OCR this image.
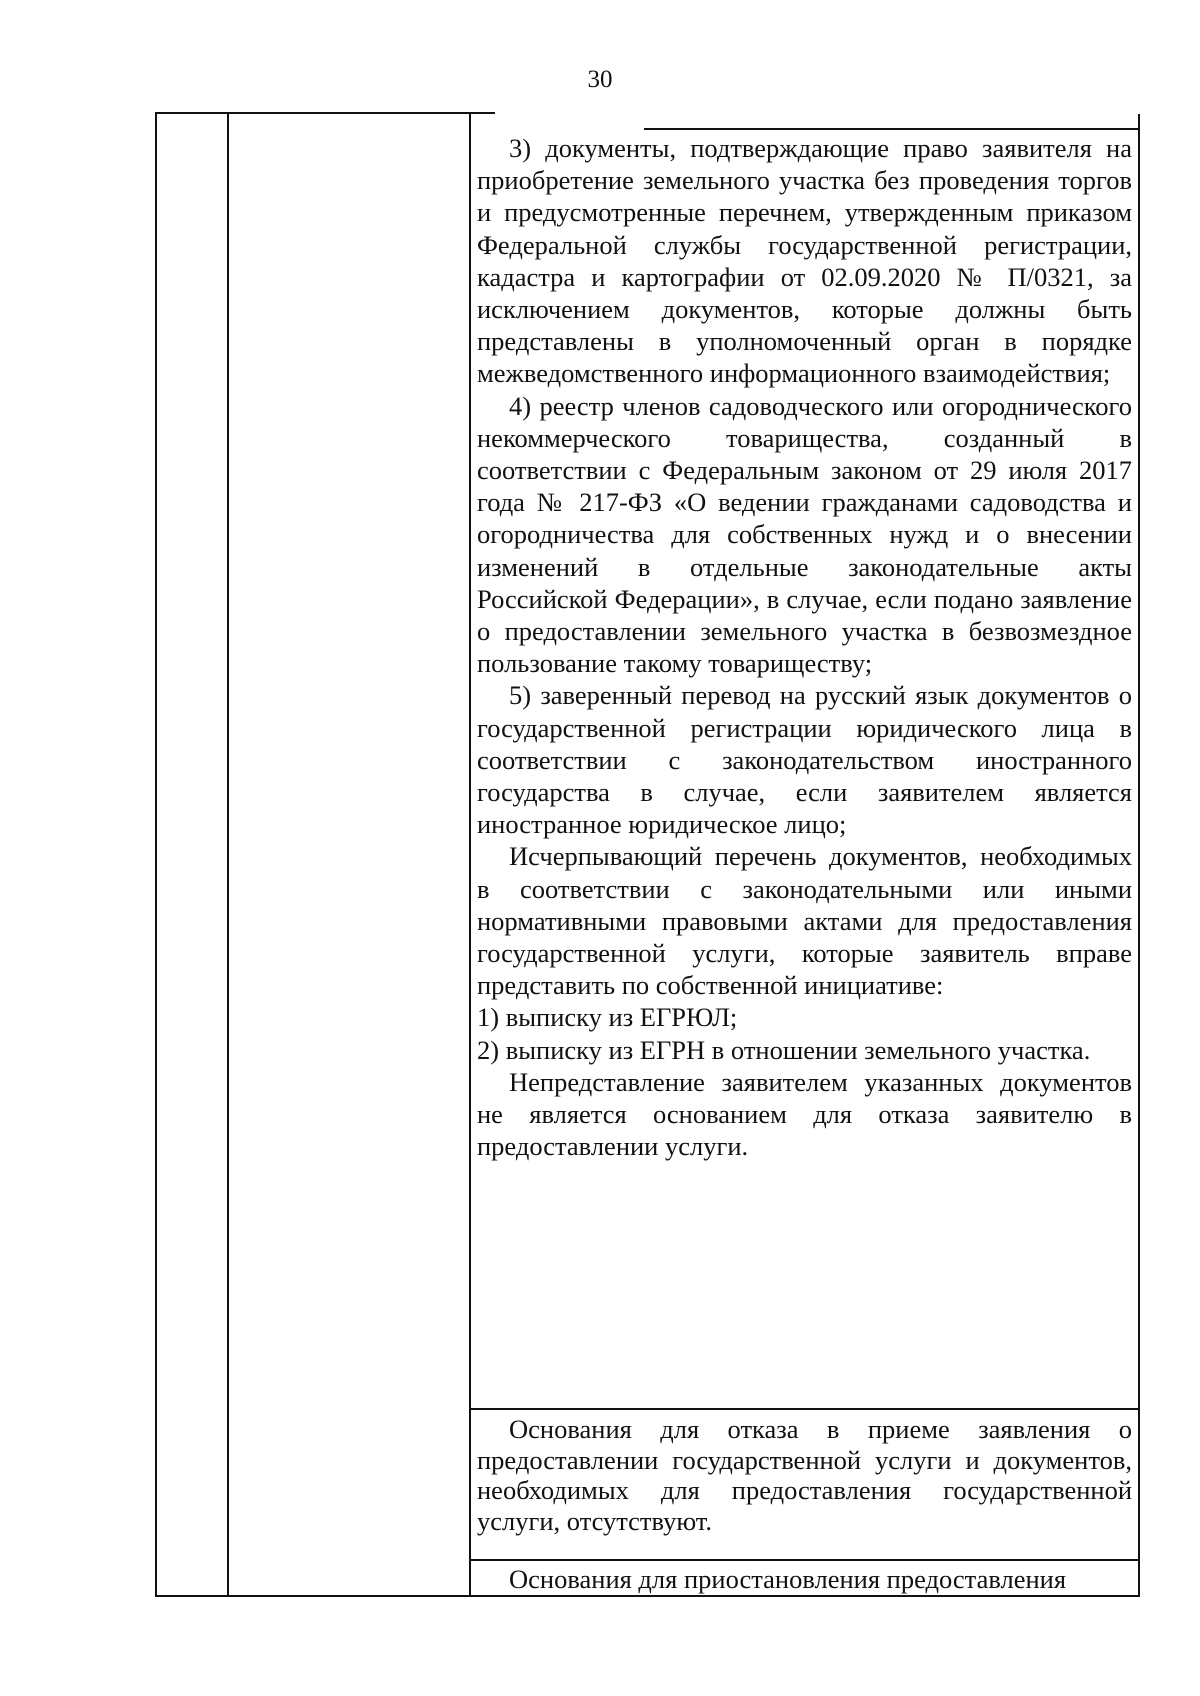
30

3) документы, подтверждающие право заявителя на приобретение земельного участка без проведения торгов и предусмотренные перечнем, утвержденным приказом Федеральной службы государственной регистрации, кадастра и картографии от 02.09.2020 № П/0321, за исключением документов, которые должны быть представлены в уполномоченный орган в порядке межведомственного информационного взаимодействия;

4) реестр членов садоводческого или огороднического некоммерческого товарищества, созданный в соответствии с Федеральным законом от 29 июля 2017 года № 217-ФЗ «О ведении гражданами садоводства и огородничества для собственных нужд и о внесении изменений в отдельные законодательные акты Российской Федерации», в случае, если подано заявление о предоставлении земельного участка в безвозмездное пользование такому товариществу;

5) заверенный перевод на русский язык документов о государственной регистрации юридического лица в соответствии с законодательством иностранного государства в случае, если заявителем является иностранное юридическое лицо;

Исчерпывающий перечень документов, необходимых в соответствии с законодательными или иными нормативными правовыми актами для предоставления государственной услуги, которые заявитель вправе представить по собственной инициативе:

1) выписку из ЕГРЮЛ;

2) выписку из ЕГРН в отношении земельного участка.

Непредставление заявителем указанных документов не является основанием для отказа заявителю в предоставлении услуги.

Основания для отказа в приеме заявления о предоставлении государственной услуги и документов, необходимых для предоставления государственной услуги, отсутствуют.

Основания для приостановления предоставления
